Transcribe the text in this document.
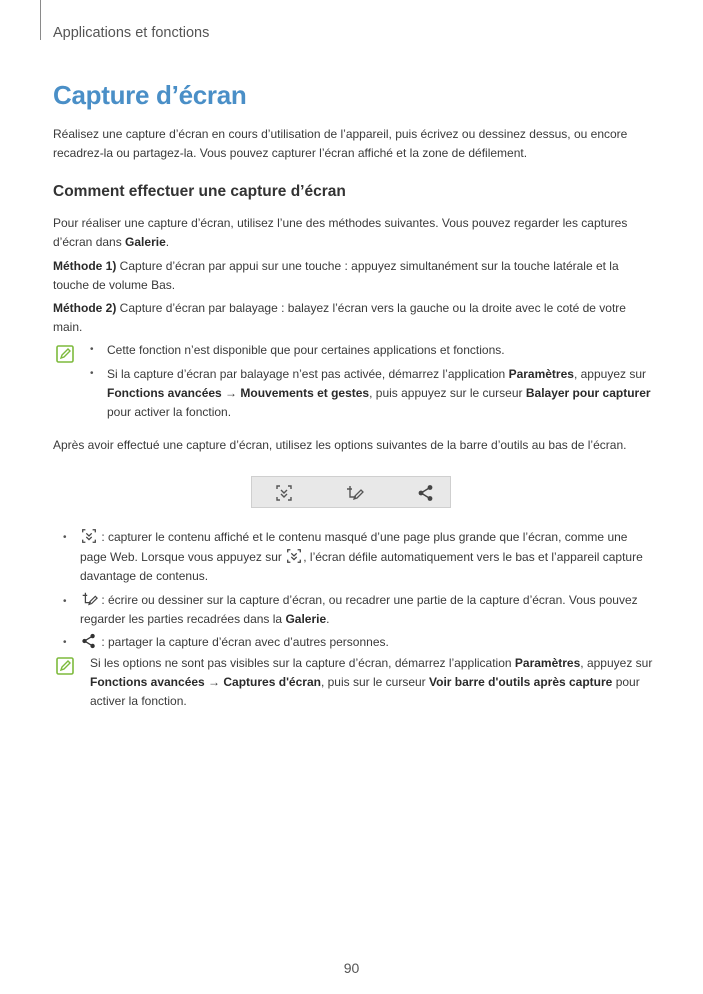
Applications et fonctions
Capture d’écran
Réalisez une capture d’écran en cours d’utilisation de l’appareil, puis écrivez ou dessinez dessus, ou encore recadrez-la ou partagez-la. Vous pouvez capturer l’écran affiché et la zone de défilement.
Comment effectuer une capture d’écran
Pour réaliser une capture d’écran, utilisez l’une des méthodes suivantes. Vous pouvez regarder les captures d’écran dans Galerie.
Méthode 1) Capture d’écran par appui sur une touche : appuyez simultanément sur la touche latérale et la touche de volume Bas.
Méthode 2) Capture d’écran par balayage : balayez l’écran vers la gauche ou la droite avec le coté de votre main.
• Cette fonction n’est disponible que pour certaines applications et fonctions.
• Si la capture d’écran par balayage n’est pas activée, démarrez l’application Paramètres, appuyez sur Fonctions avancées → Mouvements et gestes, puis appuyez sur le curseur Balayer pour capturer pour activer la fonction.
Après avoir effectué une capture d’écran, utilisez les options suivantes de la barre d’outils au bas de l’écran.
•	: capturer le contenu affiché et le contenu masqué d’une page plus grande que l’écran, comme une page Web. Lorsque vous appuyez sur , l’écran défile automatiquement vers le bas et l’appareil capture davantage de contenus.
•	: écrire ou dessiner sur la capture d’écran, ou recadrer une partie de la capture d’écran. Vous pouvez regarder les parties recadrées dans la Galerie.
•	: partager la capture d’écran avec d’autres personnes.
Si les options ne sont pas visibles sur la capture d’écran, démarrez l’application Paramètres, appuyez sur Fonctions avancées → Captures d'écran, puis sur le curseur Voir barre d'outils après capture pour activer la fonction.
90
